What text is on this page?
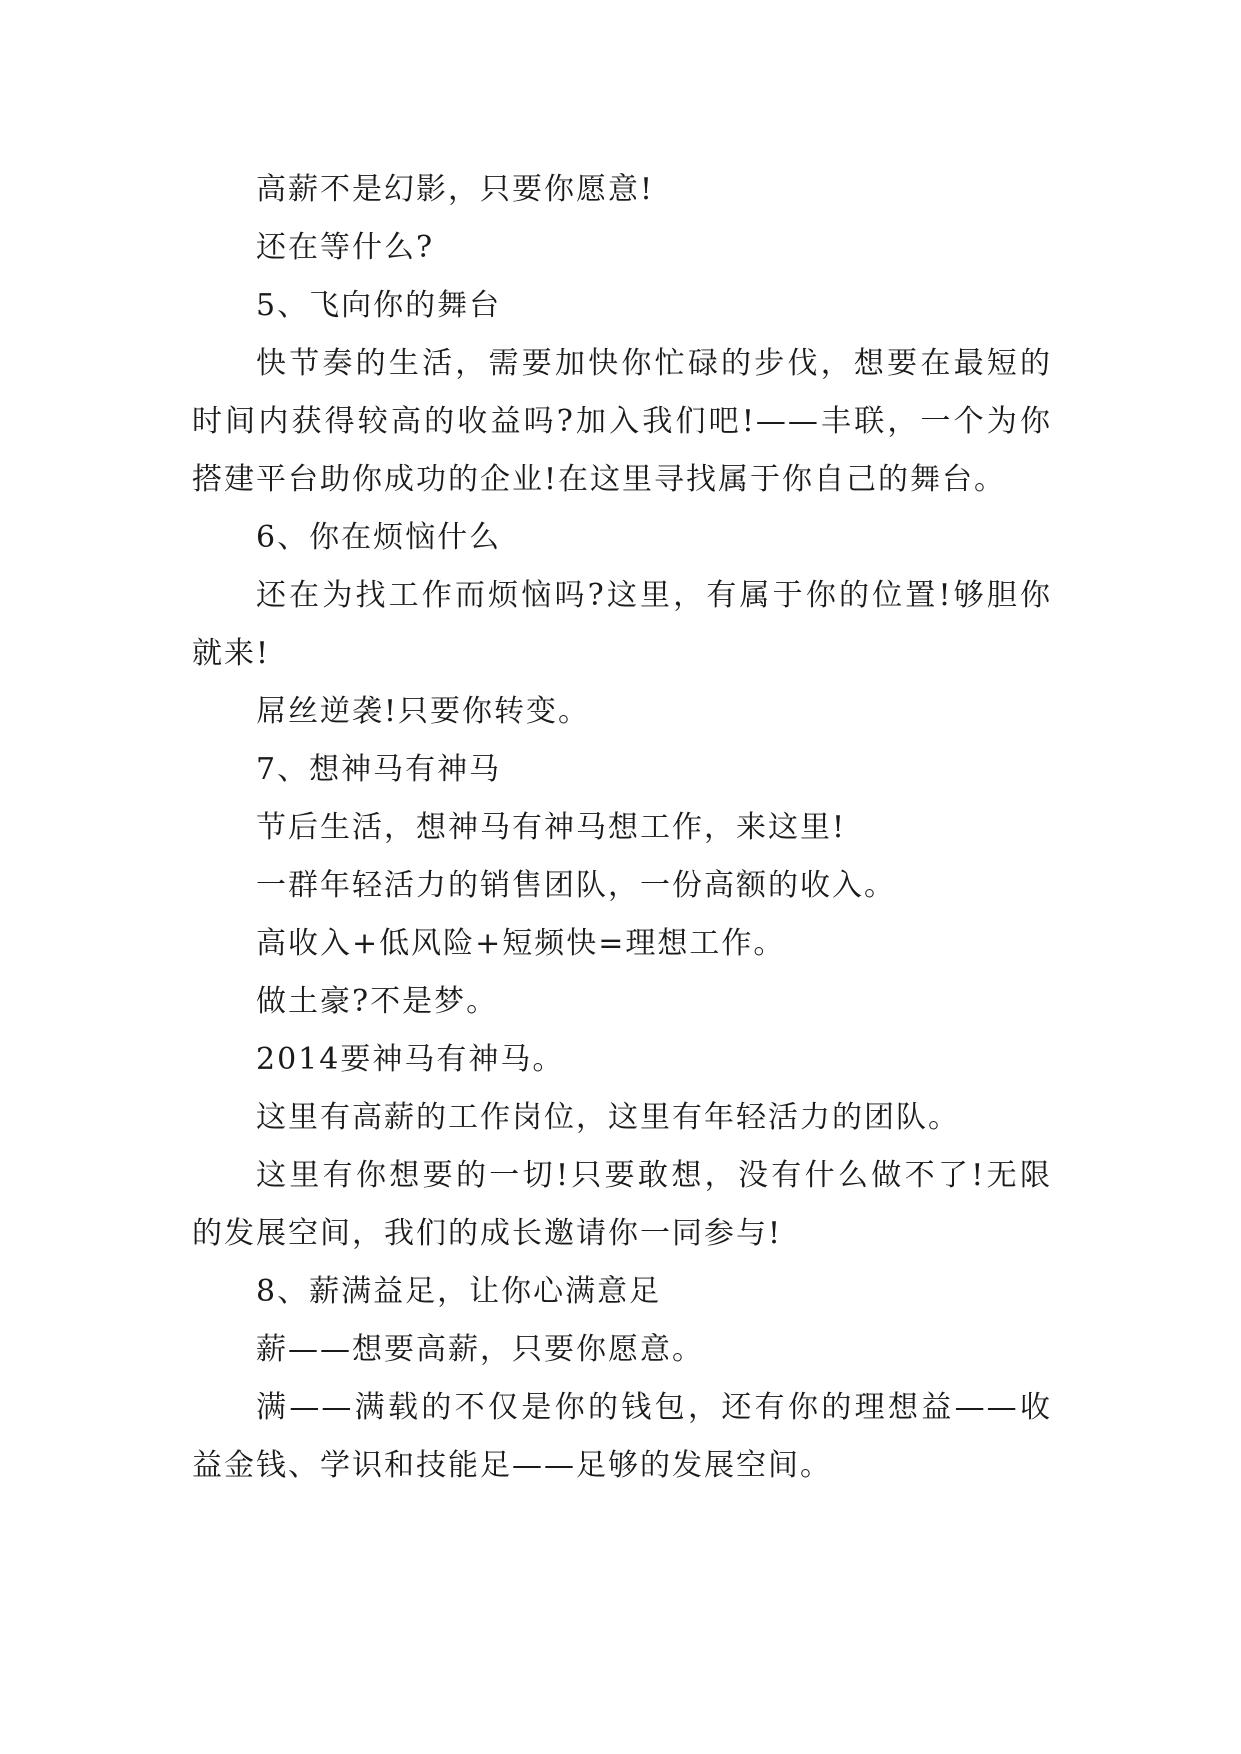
高薪不是幻影，只要你愿意!

还在等什么?

5、飞向你的舞台

快节奏的生活，需要加快你忙碌的步伐，想要在最短的时间内获得较高的收益吗?加入我们吧!——丰联，一个为你搭建平台助你成功的企业!在这里寻找属于你自己的舞台。

6、你在烦恼什么

还在为找工作而烦恼吗?这里，有属于你的位置!够胆你就来!

屌丝逆袭!只要你转变。

7、想神马有神马

节后生活，想神马有神马想工作，来这里!

一群年轻活力的销售团队，一份高额的收入。

高收入+低风险+短频快=理想工作。

做土豪?不是梦。

2014要神马有神马。

这里有高薪的工作岗位，这里有年轻活力的团队。

这里有你想要的一切!只要敢想，没有什么做不了!无限的发展空间，我们的成长邀请你一同参与!

8、薪满益足，让你心满意足

薪——想要高薪，只要你愿意。

满——满载的不仅是你的钱包，还有你的理想益——收益金钱、学识和技能足——足够的发展空间。
